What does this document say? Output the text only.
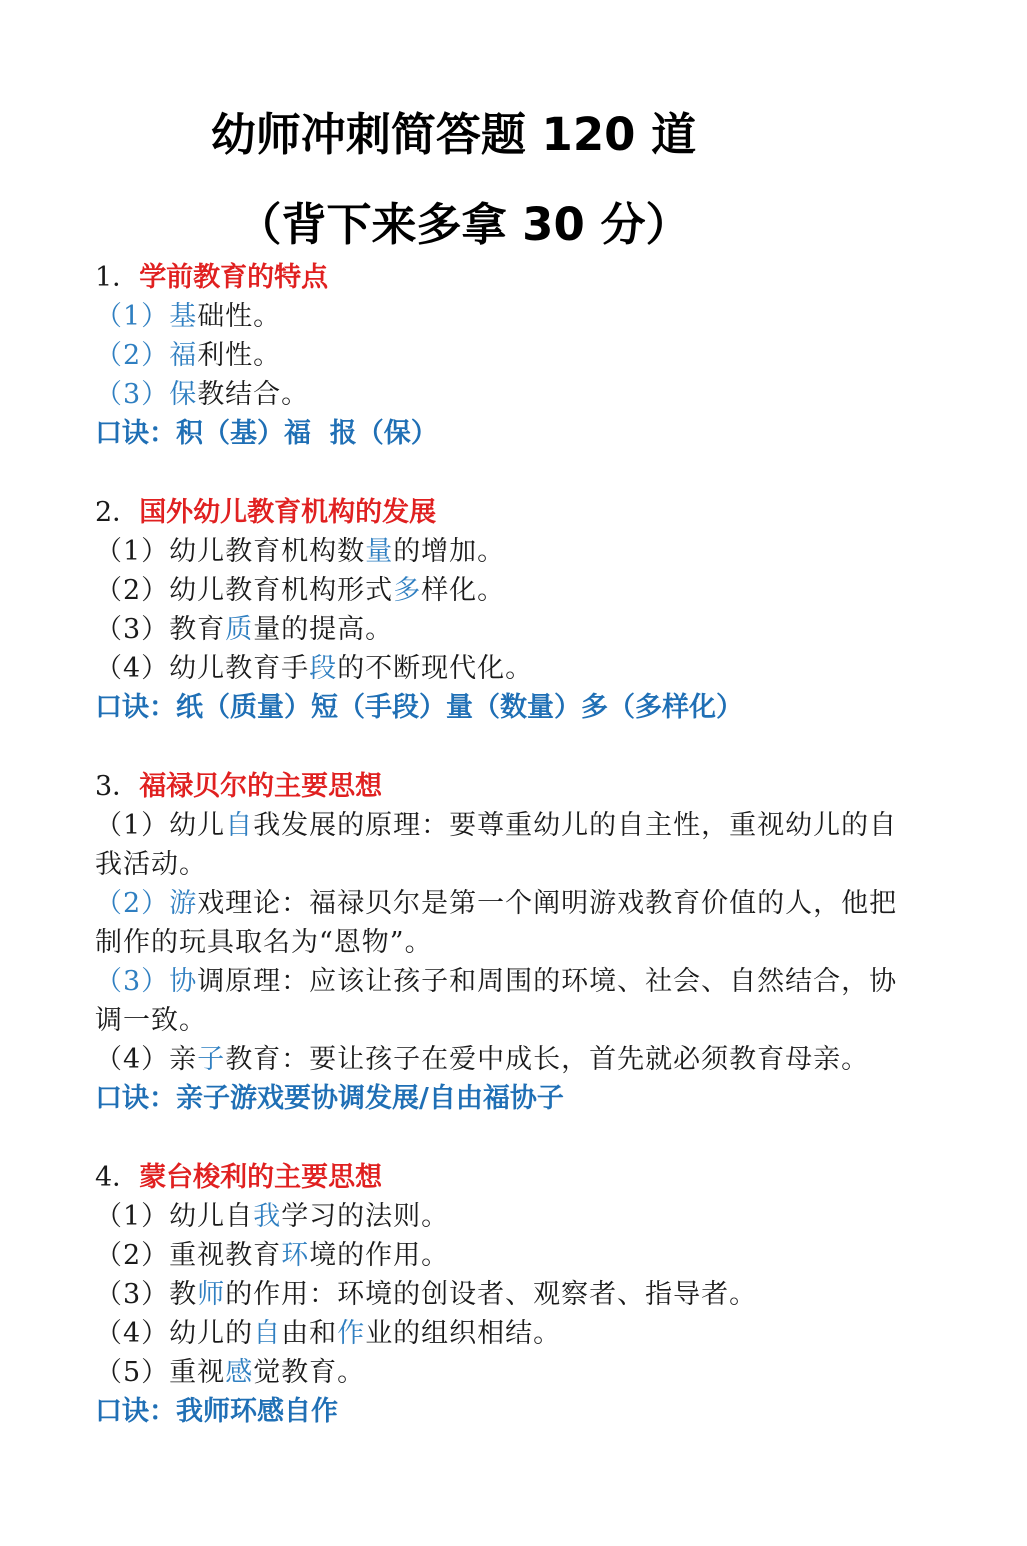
幼师冲刺简答题 120 道
（背下来多拿 30 分）
1．学前教育的特点
（1）基础性。
（2）福利性。
（3）保教结合。
口诀：积（基）福  报（保）
2．国外幼儿教育机构的发展
（1）幼儿教育机构数量的增加。
（2）幼儿教育机构形式多样化。
（3）教育质量的提高。
（4）幼儿教育手段的不断现代化。
口诀：纸（质量）短（手段）量（数量）多（多样化）
3．福禄贝尔的主要思想
（1）幼儿自我发展的原理：要尊重幼儿的自主性，重视幼儿的自我活动。
（2）游戏理论：福禄贝尔是第一个阐明游戏教育价值的人，他把制作的玩具取名为“恩物”。
（3）协调原理：应该让孩子和周围的环境、社会、自然结合，协调一致。
（4）亲子教育：要让孩子在爱中成长，首先就必须教育母亲。
口诀：亲子游戏要协调发展/自由福协子
4．蒙台梭利的主要思想
（1）幼儿自我学习的法则。
（2）重视教育环境的作用。
（3）教师的作用：环境的创设者、观察者、指导者。
（4）幼儿的自由和作业的组织相结。
（5）重视感觉教育。
口诀：我师环感自作
